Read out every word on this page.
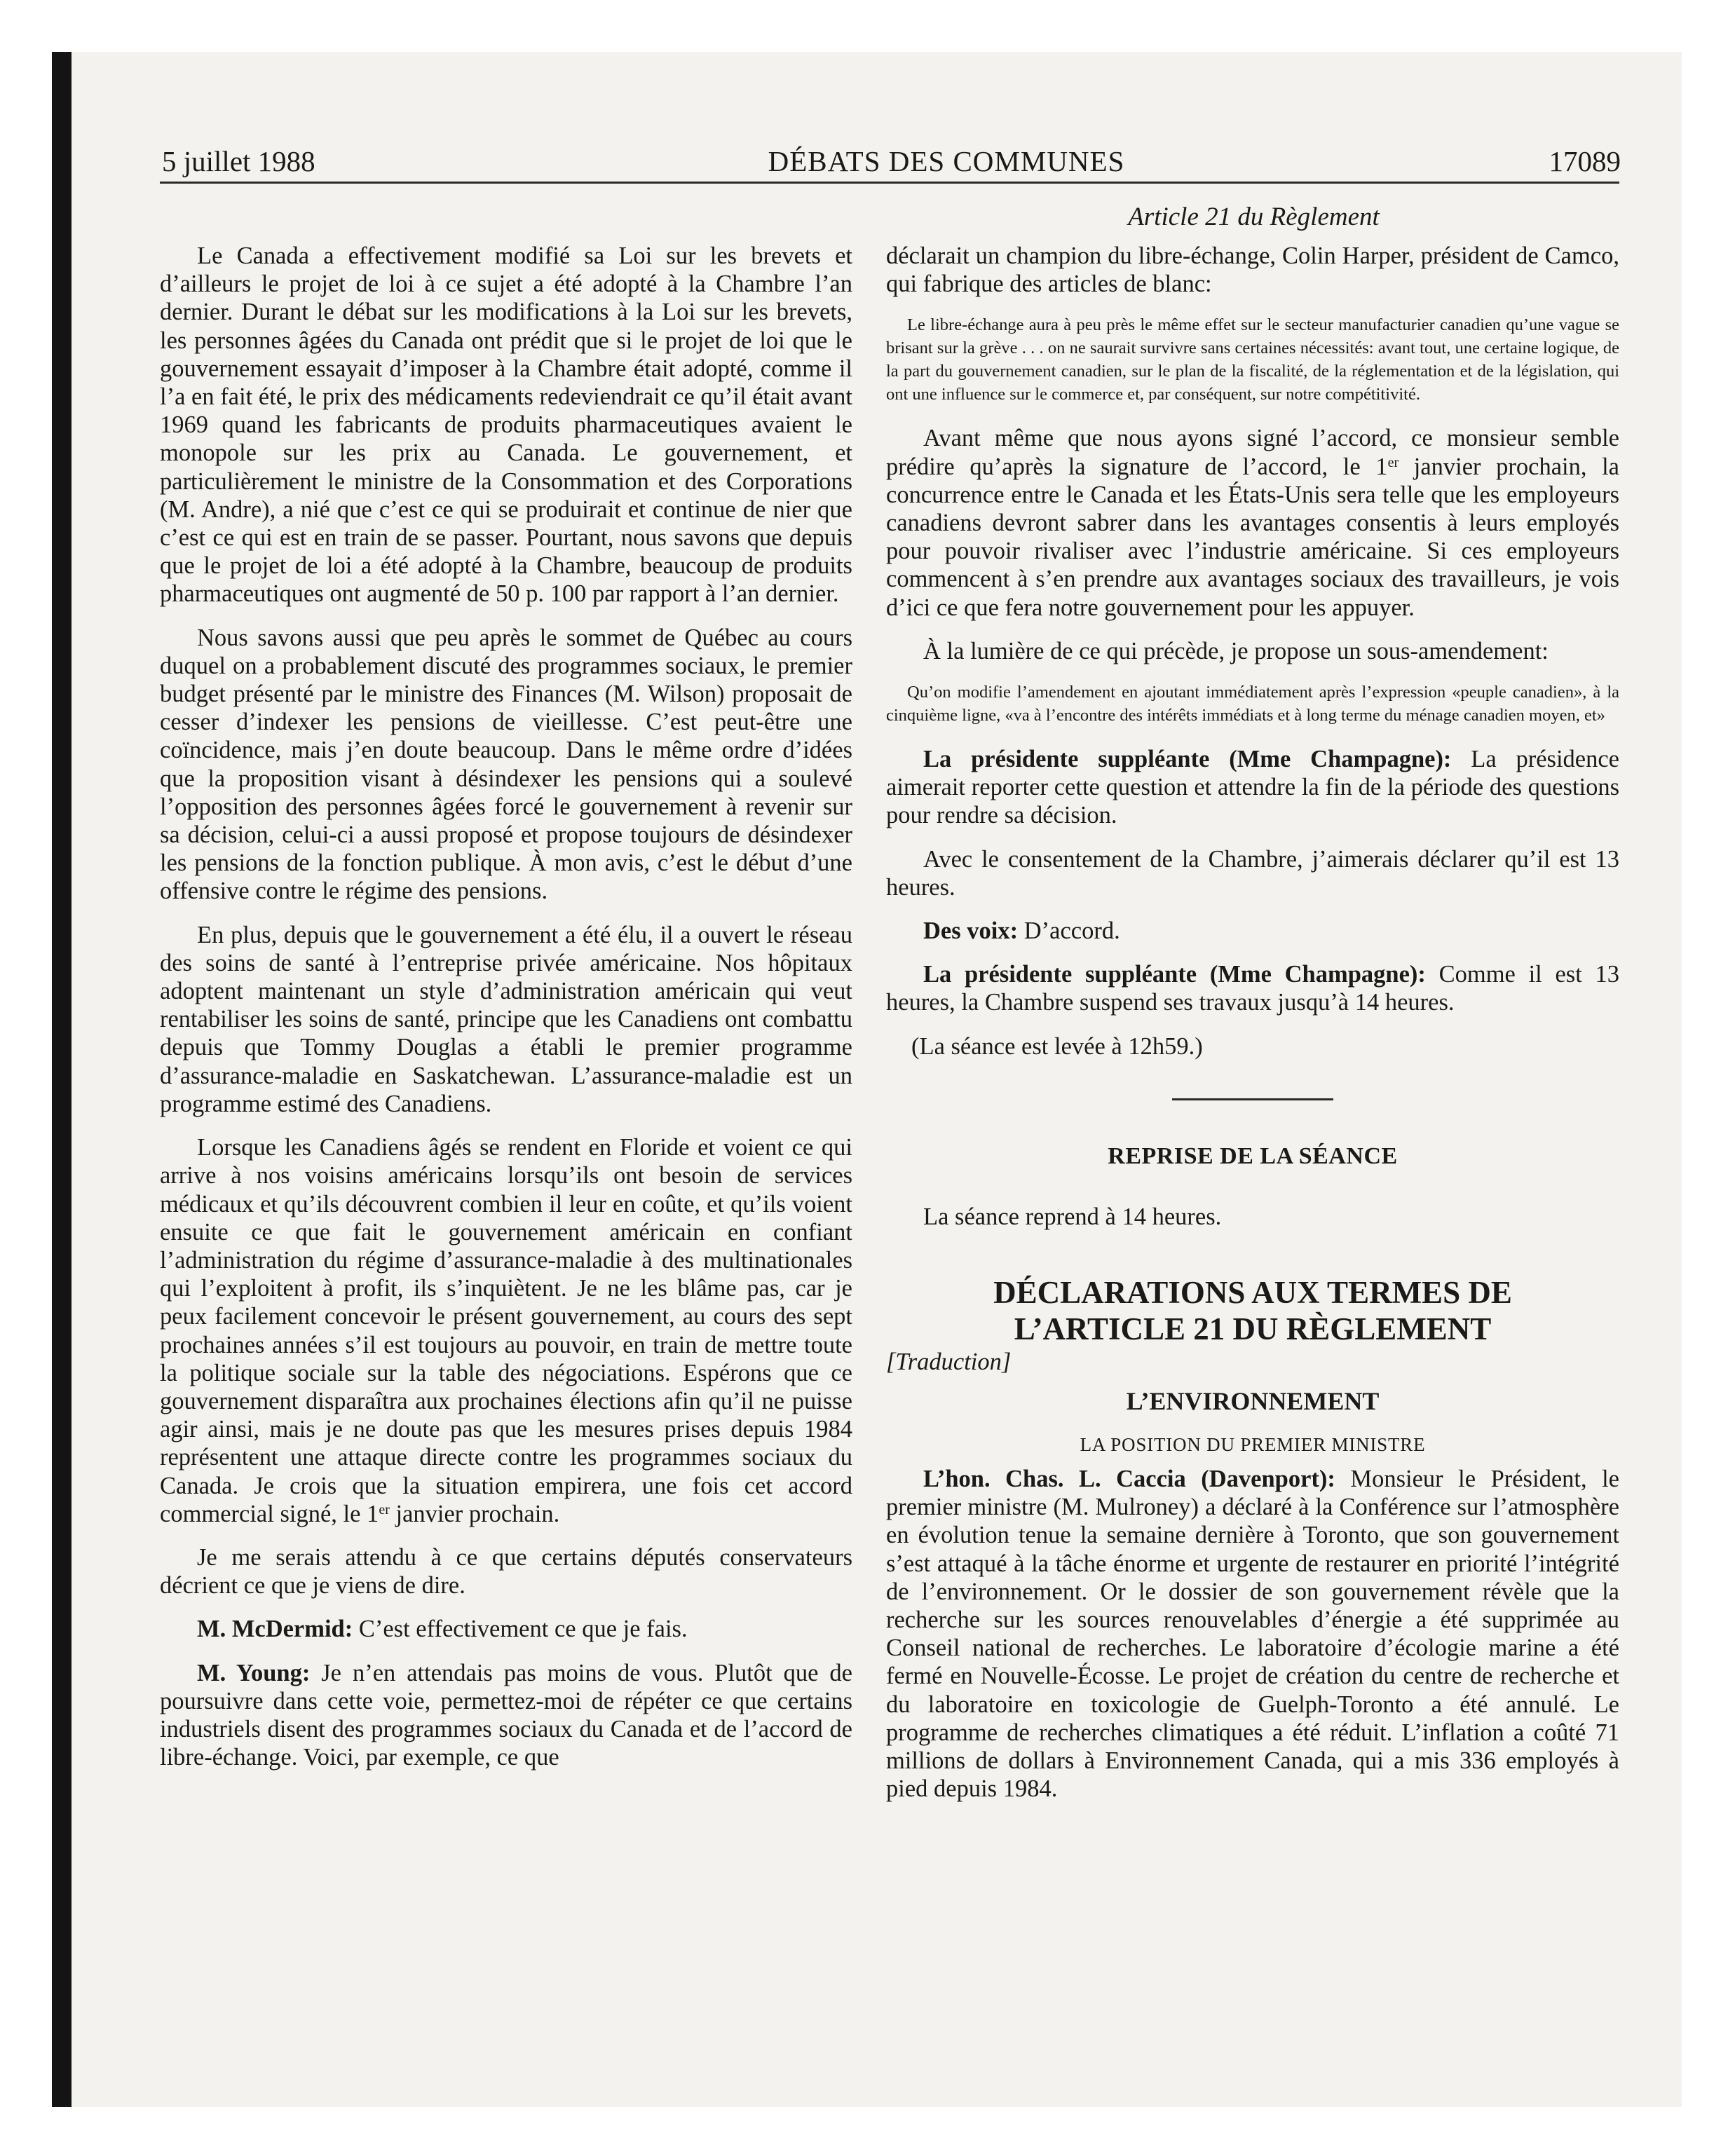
5 juillet 1988	DÉBATS DES COMMUNES	17089
Article 21 du Règlement

Le Canada a effectivement modifié sa Loi sur les brevets et d’ailleurs le projet de loi à ce sujet a été adopté à la Chambre l’an dernier. Durant le débat sur les modifications à la Loi sur les brevets, les personnes âgées du Canada ont prédit que si le projet de loi que le gouvernement essayait d’imposer à la Chambre était adopté, comme il l’a en fait été, le prix des médicaments redeviendrait ce qu’il était avant 1969 quand les fabricants de produits pharmaceutiques avaient le monopole sur les prix au Canada. Le gouvernement, et particulièrement le ministre de la Consommation et des Corporations (M. Andre), a nié que c’est ce qui se produirait et continue de nier que c’est ce qui est en train de se passer. Pourtant, nous savons que depuis que le projet de loi a été adopté à la Chambre, beaucoup de produits pharmaceutiques ont augmenté de 50 p. 100 par rapport à l’an dernier.

Nous savons aussi que peu après le sommet de Québec au cours duquel on a probablement discuté des programmes sociaux, le premier budget présenté par le ministre des Finances (M. Wilson) proposait de cesser d’indexer les pensions de vieillesse. C’est peut-être une coïncidence, mais j’en doute beaucoup. Dans le même ordre d’idées que la proposition visant à désindexer les pensions qui a soulevé l’opposition des personnes âgées forcé le gouvernement à revenir sur sa décision, celui-ci a aussi proposé et propose toujours de désindexer les pensions de la fonction publique. À mon avis, c’est le début d’une offensive contre le régime des pensions.

En plus, depuis que le gouvernement a été élu, il a ouvert le réseau des soins de santé à l’entreprise privée américaine. Nos hôpitaux adoptent maintenant un style d’administration américain qui veut rentabiliser les soins de santé, principe que les Canadiens ont combattu depuis que Tommy Douglas a établi le premier programme d’assurance-maladie en Saskatchewan. L’assurance-maladie est un programme estimé des Canadiens.

Lorsque les Canadiens âgés se rendent en Floride et voient ce qui arrive à nos voisins américains lorsqu’ils ont besoin de services médicaux et qu’ils découvrent combien il leur en coûte, et qu’ils voient ensuite ce que fait le gouvernement américain en confiant l’administration du régime d’assurance-maladie à des multinationales qui l’exploitent à profit, ils s’inquiètent. Je ne les blâme pas, car je peux facilement concevoir le présent gouvernement, au cours des sept prochaines années s’il est toujours au pouvoir, en train de mettre toute la politique sociale sur la table des négociations. Espérons que ce gouvernement disparaîtra aux prochaines élections afin qu’il ne puisse agir ainsi, mais je ne doute pas que les mesures prises depuis 1984 représentent une attaque directe contre les programmes sociaux du Canada. Je crois que la situation empirera, une fois cet accord commercial signé, le 1er janvier prochain.

Je me serais attendu à ce que certains députés conservateurs décrient ce que je viens de dire.

M. McDermid: C’est effectivement ce que je fais.

M. Young: Je n’en attendais pas moins de vous. Plutôt que de poursuivre dans cette voie, permettez-moi de répéter ce que certains industriels disent des programmes sociaux du Canada et de l’accord de libre-échange. Voici, par exemple, ce que

déclarait un champion du libre-échange, Colin Harper, président de Camco, qui fabrique des articles de blanc:

Le libre-échange aura à peu près le même effet sur le secteur manufacturier canadien qu’une vague se brisant sur la grève . . . on ne saurait survivre sans certaines nécessités: avant tout, une certaine logique, de la part du gouvernement canadien, sur le plan de la fiscalité, de la réglementation et de la législation, qui ont une influence sur le commerce et, par conséquent, sur notre compétitivité.

Avant même que nous ayons signé l’accord, ce monsieur semble prédire qu’après la signature de l’accord, le 1er janvier prochain, la concurrence entre le Canada et les États-Unis sera telle que les employeurs canadiens devront sabrer dans les avantages consentis à leurs employés pour pouvoir rivaliser avec l’industrie américaine. Si ces employeurs commencent à s’en prendre aux avantages sociaux des travailleurs, je vois d’ici ce que fera notre gouvernement pour les appuyer.

À la lumière de ce qui précède, je propose un sous-amendement:

Qu’on modifie l’amendement en ajoutant immédiatement après l’expression «peuple canadien», à la cinquième ligne, «va à l’encontre des intérêts immédiats et à long terme du ménage canadien moyen, et»

La présidente suppléante (Mme Champagne): La présidence aimerait reporter cette question et attendre la fin de la période des questions pour rendre sa décision.

Avec le consentement de la Chambre, j’aimerais déclarer qu’il est 13 heures.

Des voix: D’accord.

La présidente suppléante (Mme Champagne): Comme il est 13 heures, la Chambre suspend ses travaux jusqu’à 14 heures.

(La séance est levée à 12h59.)

REPRISE DE LA SÉANCE

La séance reprend à 14 heures.

DÉCLARATIONS AUX TERMES DE
L’ARTICLE 21 DU RÈGLEMENT
[Traduction]
L’ENVIRONNEMENT
LA POSITION DU PREMIER MINISTRE

L’hon. Chas. L. Caccia (Davenport): Monsieur le Président, le premier ministre (M. Mulroney) a déclaré à la Conférence sur l’atmosphère en évolution tenue la semaine dernière à Toronto, que son gouvernement s’est attaqué à la tâche énorme et urgente de restaurer en priorité l’intégrité de l’environnement. Or le dossier de son gouvernement révèle que la recherche sur les sources renouvelables d’énergie a été supprimée au Conseil national de recherches. Le laboratoire d’écologie marine a été fermé en Nouvelle-Écosse. Le projet de création du centre de recherche et du laboratoire en toxicologie de Guelph-Toronto a été annulé. Le programme de recherches climatiques a été réduit. L’inflation a coûté 71 millions de dollars à Environnement Canada, qui a mis 336 employés à pied depuis 1984.
